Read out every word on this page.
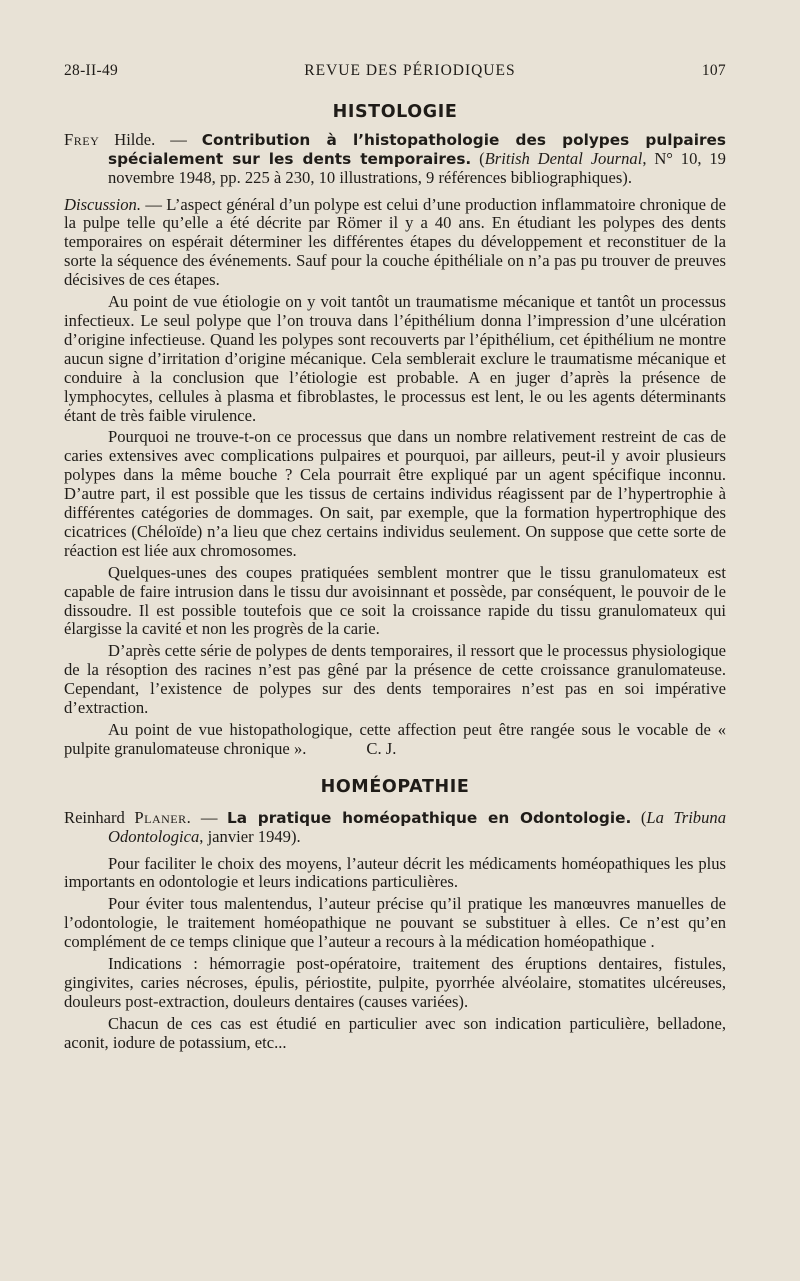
28-II-49	REVUE DES PÉRIODIQUES	107
HISTOLOGIE
Frey Hilde. — Contribution à l’histopathologie des polypes pulpaires spécialement sur les dents temporaires. (British Dental Journal, N° 10, 19 novembre 1948, pp. 225 à 230, 10 illustrations, 9 références bibliographiques).

Discussion. — L’aspect général d’un polype est celui d’une production inflammatoire chronique de la pulpe telle qu’elle a été décrite par Römer il y a 40 ans. En étudiant les polypes des dents temporaires on espérait déterminer les différentes étapes du développement et reconstituer de la sorte la séquence des événements. Sauf pour la couche épithéliale on n’a pas pu trouver de preuves décisives de ces étapes.

Au point de vue étiologie on y voit tantôt un traumatisme mécanique et tantôt un processus infectieux. Le seul polype que l’on trouva dans l’épithélium donna l’impression d’une ulcération d’origine infectieuse. Quand les polypes sont recouverts par l’épithélium, cet épithélium ne montre aucun signe d’irritation d’origine mécanique. Cela semblerait exclure le traumatisme mécanique et conduire à la conclusion que l’étiologie est probable. A en juger d’après la présence de lymphocytes, cellules à plasma et fibroblastes, le processus est lent, le ou les agents déterminants étant de très faible virulence.

Pourquoi ne trouve-t-on ce processus que dans un nombre relativement restreint de cas de caries extensives avec complications pulpaires et pourquoi, par ailleurs, peut-il y avoir plusieurs polypes dans la même bouche ? Cela pourrait être expliqué par un agent spécifique inconnu. D’autre part, il est possible que les tissus de certains individus réagissent par de l’hypertrophie à différentes catégories de dommages. On sait, par exemple, que la formation hypertrophique des cicatrices (Chéloïde) n’a lieu que chez certains individus seulement. On suppose que cette sorte de réaction est liée aux chromosomes.

Quelques-unes des coupes pratiquées semblent montrer que le tissu granulomateux est capable de faire intrusion dans le tissu dur avoisinnant et possède, par conséquent, le pouvoir de le dissoudre. Il est possible toutefois que ce soit la croissance rapide du tissu granulomateux qui élargisse la cavité et non les progrès de la carie.

D’après cette série de polypes de dents temporaires, il ressort que le processus physiologique de la résoption des racines n’est pas gêné par la présence de cette croissance granulomateuse. Cependant, l’existence de polypes sur des dents temporaires n’est pas en soi impérative d’extraction.

Au point de vue histopathologique, cette affection peut être rangée sous le vocable de « pulpite granulomateuse chronique ».	C. J.

HOMÉOPATHIE
Reinhard Planer. — La pratique homéopathique en Odontologie. (La Tribuna Odontologica, janvier 1949).

Pour faciliter le choix des moyens, l’auteur décrit les médicaments homéopathiques les plus importants en odontologie et leurs indications particulières.

Pour éviter tous malentendus, l’auteur précise qu’il pratique les manœuvres manuelles de l’odontologie, le traitement homéopathique ne pouvant se substituer à elles. Ce n’est qu’en complément de ce temps clinique que l’auteur a recours à la médication homéopathique .

Indications : hémorragie post-opératoire, traitement des éruptions dentaires, fistules, gingivites, caries nécroses, épulis, périostite, pulpite, pyorrhée alvéolaire, stomatites ulcéreuses, douleurs post-extraction, douleurs dentaires (causes variées).

Chacun de ces cas est étudié en particulier avec son indication particulière, belladone, aconit, iodure de potassium, etc...
